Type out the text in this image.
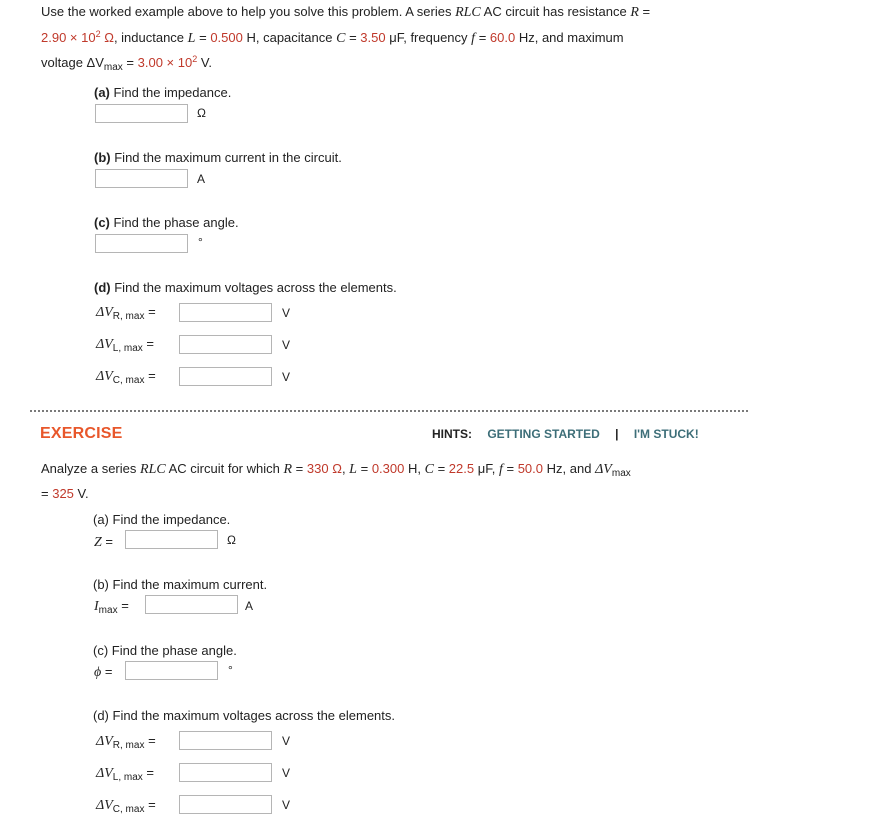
Use the worked example above to help you solve this problem. A series RLC AC circuit has resistance R =
$2.90 \times 10^2$ Ω, inductance L = 0.500 H, capacitance C = 3.50 μF, frequency f = 60.0 Hz, and maximum
voltage $\Delta V_{max} = 3.00 \times 10^2$ V.
(a) Find the impedance.
Ω
(b) Find the maximum current in the circuit.
A
(c) Find the phase angle.
°
(d) Find the maximum voltages across the elements.
$\Delta V_{R, max}$ =	V
$\Delta V_{L, max}$ =	V
$\Delta V_{C, max}$ =	V
EXERCISE	HINTS: GETTING STARTED | I'M STUCK!
Analyze a series RLC AC circuit for which R = 330 Ω, L = 0.300 H, C = 22.5 μF, f = 50.0 Hz, and $\Delta V_{max}$
= 325 V.
(a) Find the impedance.
Z =	Ω
(b) Find the maximum current.
$I_{max}$ =	A
(c) Find the phase angle.
ϕ =	°
(d) Find the maximum voltages across the elements.
$\Delta V_{R, max}$ =	V
$\Delta V_{L, max}$ =	V
$\Delta V_{C, max}$ =	V
